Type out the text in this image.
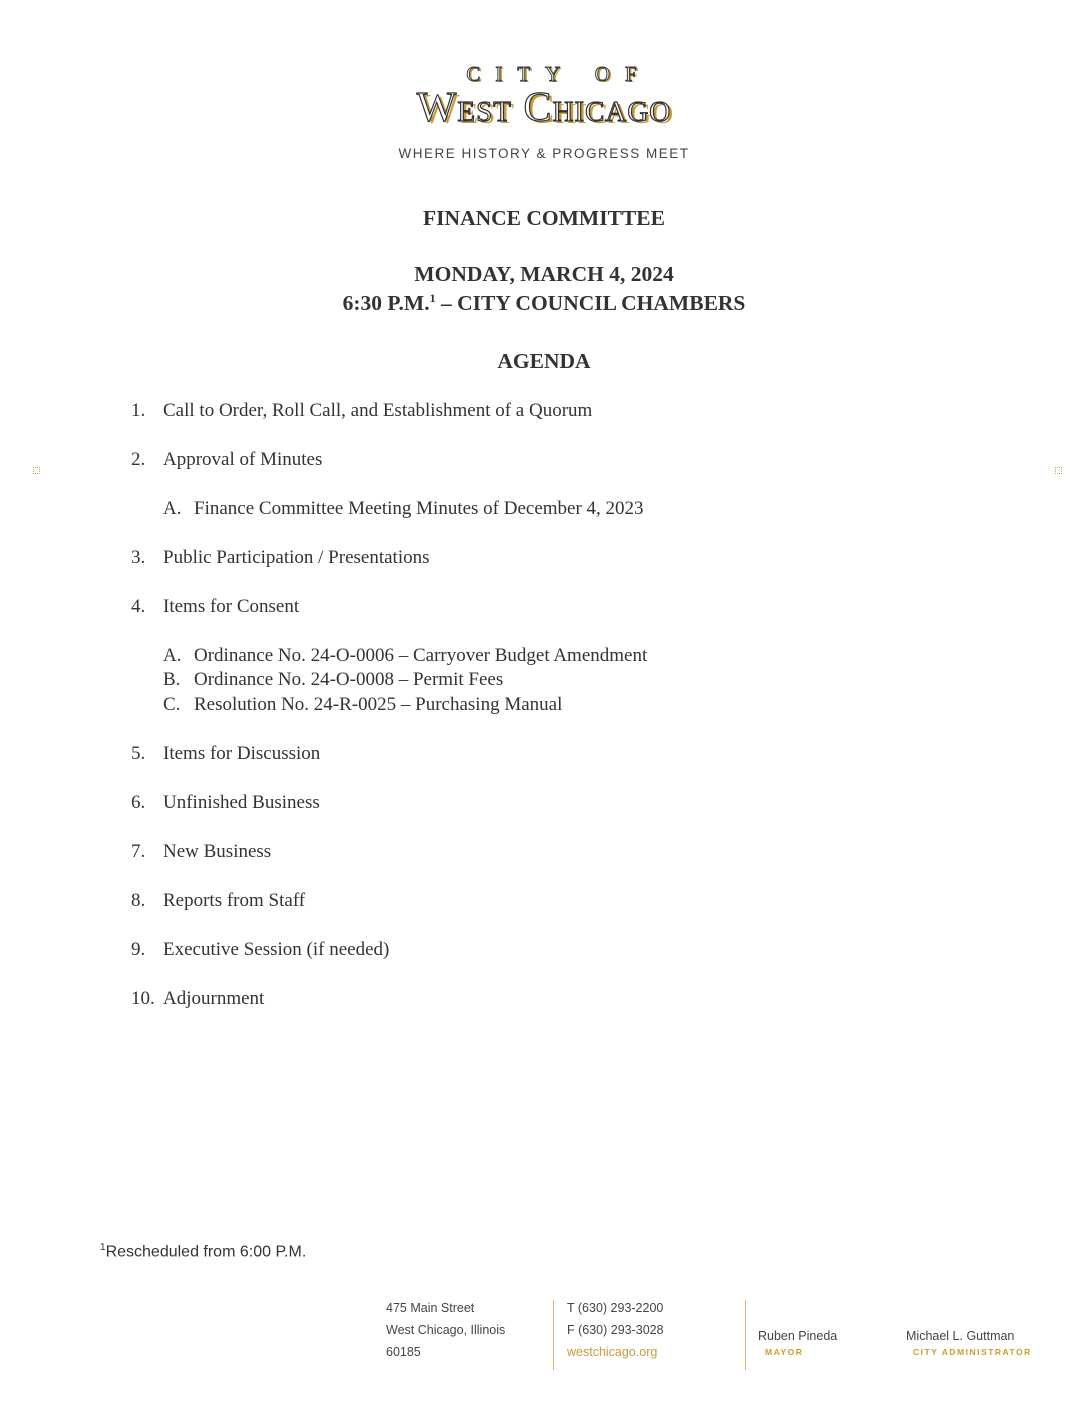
CITY OF
West Chicago
WHERE HISTORY & PROGRESS MEET
FINANCE COMMITTEE
MONDAY, MARCH 4, 2024
6:30 P.M.$^1$ – CITY COUNCIL CHAMBERS
AGENDA
1. Call to Order, Roll Call, and Establishment of a Quorum
2. Approval of Minutes
A. Finance Committee Meeting Minutes of December 4, 2023
3. Public Participation / Presentations
4. Items for Consent
A. Ordinance No. 24-O-0006 – Carryover Budget Amendment
B. Ordinance No. 24-O-0008 – Permit Fees
C. Resolution No. 24-R-0025 – Purchasing Manual
5. Items for Discussion
6. Unfinished Business
7. New Business
8. Reports from Staff
9. Executive Session (if needed)
10. Adjournment
$^1$Rescheduled from 6:00 P.M.
475 Main Street
West Chicago, Illinois
60185
T (630) 293-2200
F (630) 293-3028
westchicago.org
Ruben Pineda
MAYOR
Michael L. Guttman
CITY ADMINISTRATOR
